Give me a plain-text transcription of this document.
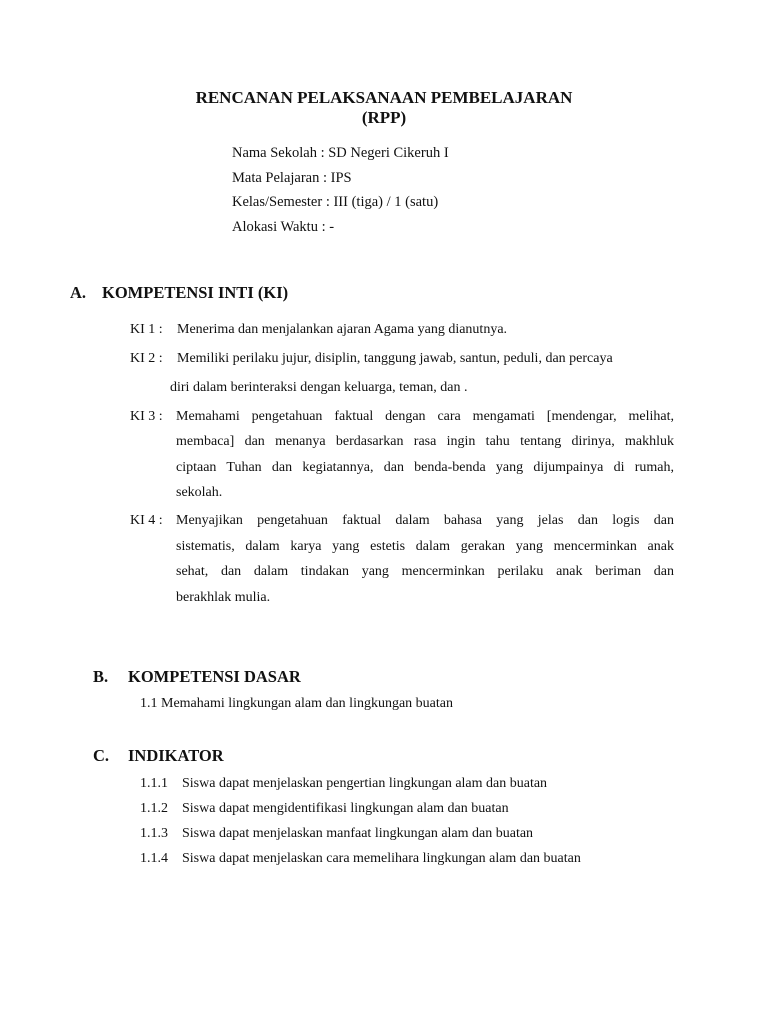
RENCANAN PELAKSANAAN PEMBELAJARAN
(RPP)
Nama Sekolah : SD Negeri Cikeruh I
Mata Pelajaran : IPS
Kelas/Semester : III (tiga) / 1 (satu)
Alokasi Waktu : -
A. KOMPETENSI INTI (KI)
KI 1 : Menerima dan menjalankan ajaran Agama yang dianutnya.
KI 2 : Memiliki perilaku jujur, disiplin, tanggung jawab, santun, peduli, dan percaya
diri dalam berinteraksi dengan keluarga, teman, dan .
KI 3 : Memahami pengetahuan faktual dengan cara mengamati [mendengar, melihat,
membaca] dan menanya berdasarkan rasa ingin tahu tentang dirinya, makhluk
ciptaan Tuhan dan kegiatannya, dan benda-benda yang dijumpainya di rumah,
sekolah.
KI 4 : Menyajikan pengetahuan faktual dalam bahasa yang jelas dan logis dan
sistematis, dalam karya yang estetis dalam gerakan yang mencerminkan anak
sehat, dan dalam tindakan yang mencerminkan perilaku anak beriman dan
berakhlak mulia.
B. KOMPETENSI DASAR
1.1 Memahami lingkungan alam dan lingkungan buatan
C. INDIKATOR
1.1.1 Siswa dapat menjelaskan pengertian lingkungan alam dan buatan
1.1.2 Siswa dapat mengidentifikasi lingkungan alam dan buatan
1.1.3 Siswa dapat menjelaskan manfaat lingkungan alam dan buatan
1.1.4 Siswa dapat menjelaskan cara memelihara lingkungan alam dan buatan
